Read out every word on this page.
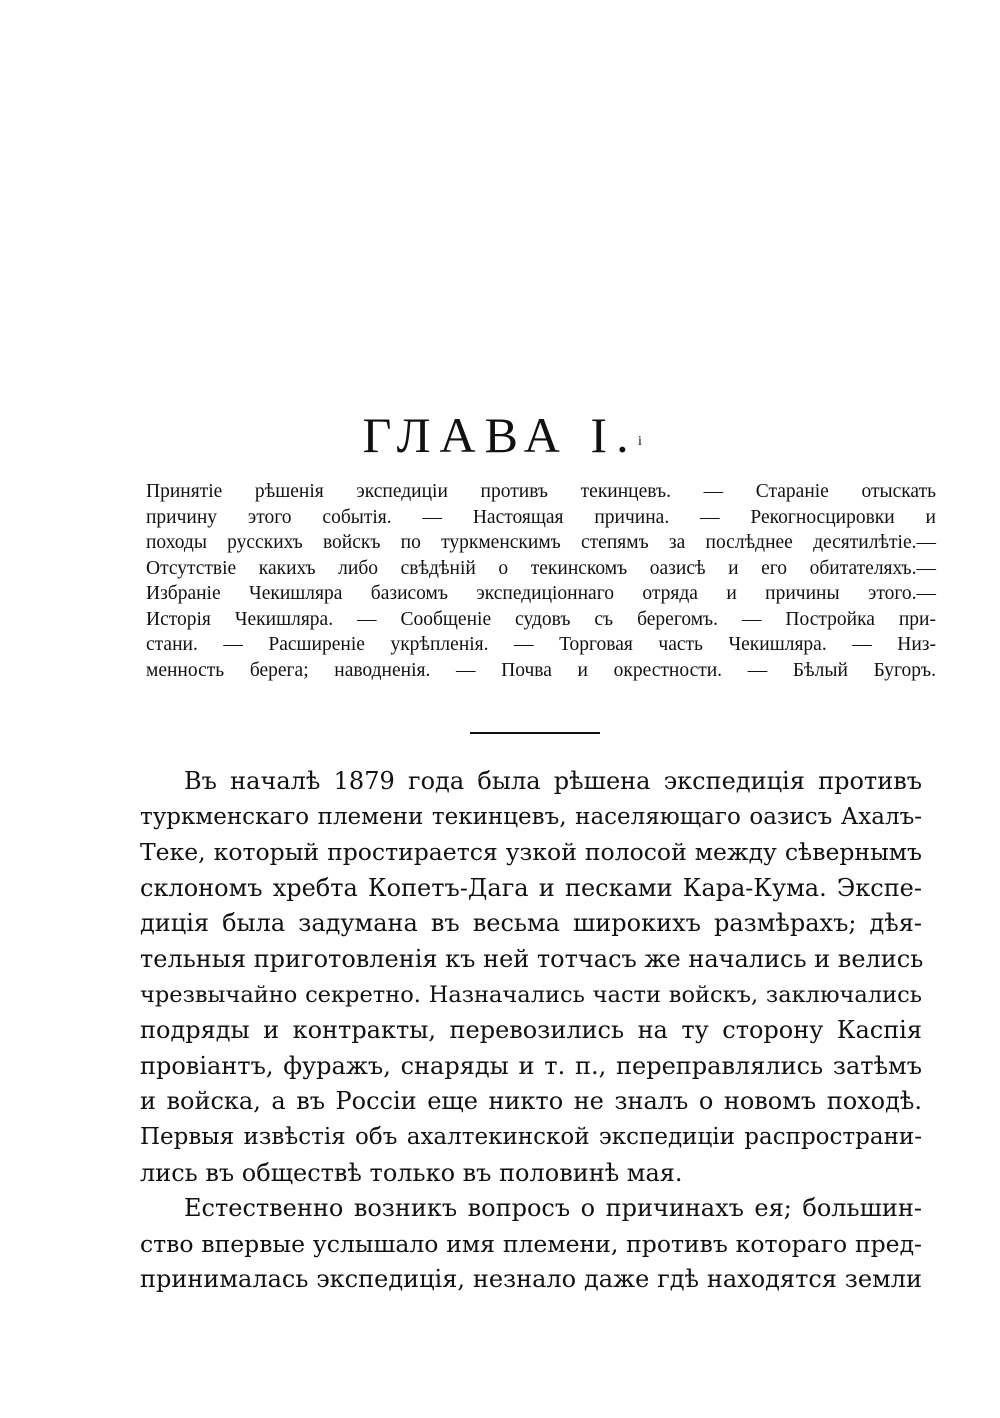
ГЛАВА I. i
Принятіе рѣшенія экспедиціи противъ текинцевъ. — Стараніе отыскать
причину этого событія. — Настоящая причина. — Рекогносцировки и
походы русскихъ войскъ по туркменскимъ степямъ за послѣднее десятилѣтіе.—
Отсутствіе какихъ либо свѣдѣній о текинскомъ оазисѣ и его обитателяхъ.—
Избраніе Чекишляра базисомъ экспедиціоннаго отряда и причины этого.—
Исторія Чекишляра. — Сообщеніе судовъ съ берегомъ. — Постройка при-
стани. — Расширеніе укрѣпленія. — Торговая часть Чекишляра. — Низ-
менность берега; наводненія. — Почва и окрестности. — Бѣлый Бугоръ.
Въ началѣ 1879 года была рѣшена экспедиція противъ
туркменскаго племени текинцевъ, населяющаго оазисъ Ахалъ-
Теке, который простирается узкой полосой между сѣвернымъ
склономъ хребта Копетъ-Дага и песками Кара-Кума. Экспе-
диція была задумана въ весьма широкихъ размѣрахъ; дѣя-
тельныя приготовленія къ ней тотчасъ же начались и велись
чрезвычайно секретно. Назначались части войскъ, заключались
подряды и контракты, перевозились на ту сторону Каспія
провіантъ, фуражъ, снаряды и т. п., переправлялись затѣмъ
и войска, а въ Россіи еще никто не зналъ о новомъ походѣ.
Первыя извѣстія объ ахалтекинской экспедиціи распространи-
лись въ обществѣ только въ половинѣ мая.
Естественно возникъ вопросъ о причинахъ ея; большин-
ство впервые услышало имя племени, противъ котораго пред-
принималась экспедиція, незнало даже гдѣ находятся земли
